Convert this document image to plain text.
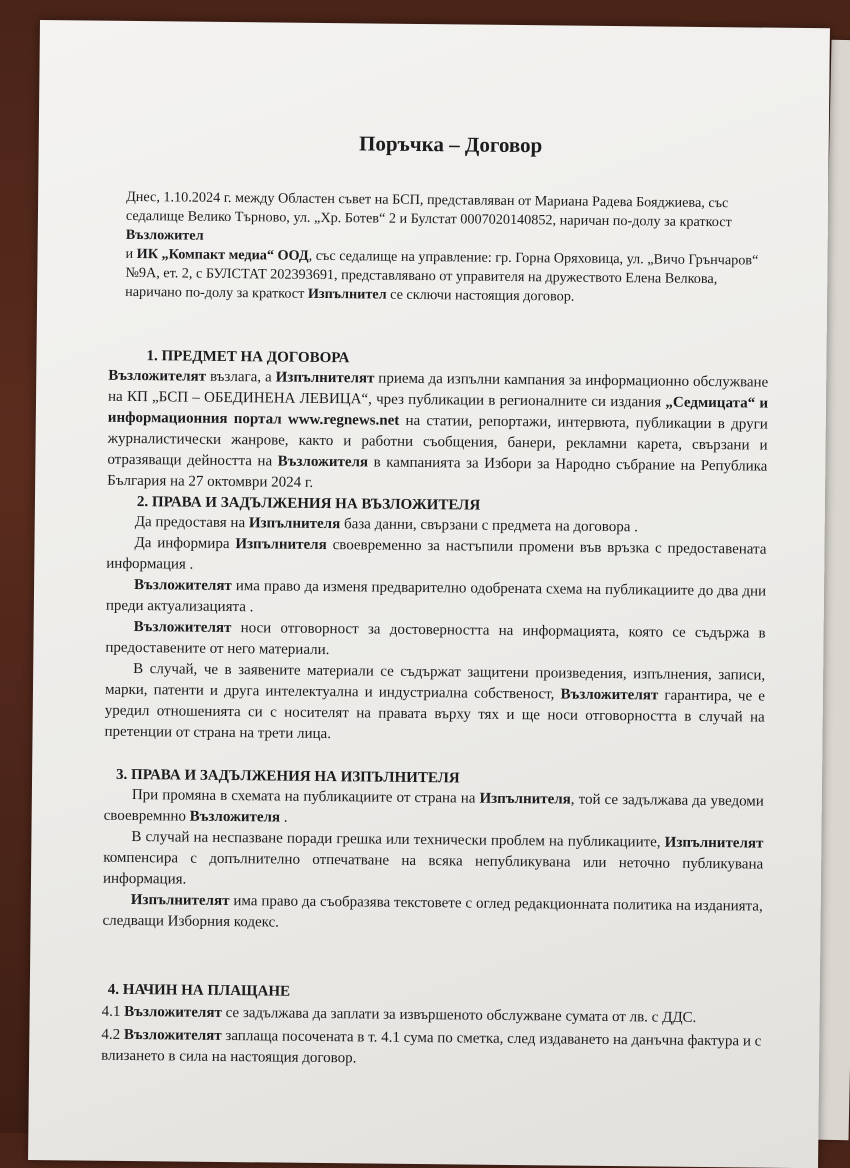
Поръчка – Договор

Днес, 1.10.2024 г. между Областен съвет на БСП, представляван от Мариана Радева Бояджиева, със седалище Велико Търново, ул. „Хр. Ботев“ 2 и Булстат 0007020140852, наричан по-долу за краткост Възложител

и ИК „Компакт медиа“ ООД, със седалище на управление: гр. Горна Оряховица, ул. „Вичо Грънчаров“ №9А, ет. 2, с БУЛСТАТ 202393691, представлявано от управителя на дружеството Елена Велкова, наричано по-долу за краткост Изпълнител се сключи настоящия договор.

1. ПРЕДМЕТ НА ДОГОВОРА

Възложителят възлага, а Изпълнителят приема да изпълни кампания за информационно обслужване на КП „БСП – ОБЕДИНЕНА ЛЕВИЦА“, чрез публикации в регионалните си издания „Седмицата“ и информационния портал www.regnews.net на статии, репортажи, интервюта, публикации в други журналистически жанрове, както и работни съобщения, банери, рекламни карета, свързани и отразяващи дейността на Възложителя в кампанията за Избори за Народно събрание на Република България на 27 октомври 2024 г.

2. ПРАВА И ЗАДЪЛЖЕНИЯ НА ВЪЗЛОЖИТЕЛЯ

Да предоставя на Изпълнителя база данни, свързани с предмета на договора .

Да информира Изпълнителя своевременно за настъпили промени във връзка с предоставената информация .

Възложителят има право да изменя предварително одобрената схема на публикациите до два дни преди актуализацията .

Възложителят носи отговорност за достоверността на информацията, която се съдържа в предоставените от него материали.

В случай, че в заявените материали се съдържат защитени произведения, изпълнения, записи, марки, патенти и друга интелектуална и индустриална собственост, Възложителят гарантира, че е уредил отношенията си с носителят на правата върху тях и ще носи отговорността в случай на претенции от страна на трети лица.

3. ПРАВА И ЗАДЪЛЖЕНИЯ НА ИЗПЪЛНИТЕЛЯ

При промяна в схемата на публикациите от страна на Изпълнителя, той се задължава да уведоми своевремнно Възложителя .

В случай на неспазване поради грешка или технически проблем на публикациите, Изпълнителят компенсира с допълнително отпечатване на всяка непубликувана или неточно публикувана информация.

Изпълнителят има право да съобразява текстовете с оглед редакционната политика на изданията, следващи Изборния кодекс.

4. НАЧИН НА ПЛАЩАНЕ

4.1 Възложителят се задължава да заплати за извършеното обслужване сумата от лв. с ДДС.

4.2 Възложителят заплаща посочената в т. 4.1 сума по сметка, след издаването на данъчна фактура и с влизането в сила на настоящия договор.
